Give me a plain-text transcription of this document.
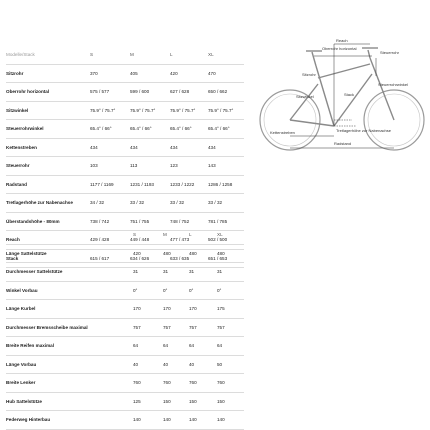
Modelle/Stack	S	M	L	XL
Sitzrohr	370	405	420	470
Oberrohr horizontal	575 / 577	599 / 600	627 / 628	650 / 662
Sitzwinkel	75.9° / 75.7°	75.9° / 75.7°	75.9° / 75.7°	75.9° / 75.7°
Steuerrohrwinkel	65.4° / 66°	65.4° / 66°	65.4° / 66°	65.4° / 66°
Kettenstreben	434	434	434	434
Steuerrohr	103	113	123	143
Radstand	1177 / 1169	1231 / 1193	1233 / 1222	1286 / 1258
Tretlagerhöhe zur Nabenachse	34 / 32	33 / 32	33 / 32	33 / 32
Überstandshöhe - 80mm	738 / 742	751 / 755	748 / 752	781 / 785
Reach	429 / 428	449 / 448	477 / 473	502 / 500
Stack	615 / 617	634 / 626	633 / 635	651 / 653
S	M	L	XL
Länge Sattelstütze	420	480	480	480
Durchmesser Sattelstütze	31	31	31	31
Winkel Vorbau	0°	0°	0°	0°
Länge Kurbel	170	170	170	175
Durchmesser Bremsscheibe maximal	757	757	757	757
Breite Reifen maximal	64	64	64	64
Länge Vorbau	40	40	40	50
Breite Lenker	760	760	760	760
Hub Sattelstütze	125	150	150	150
Federweg Hinterbau	140	140	140	140
Reach
Oberrohr horizontal
Steuerrohr
Sitzrohr
Sitzwinkel
Steuerrohrwinkel
Stack
Kettenstreben	Tretlagerhöhe zur Nabenachse
Radstand
